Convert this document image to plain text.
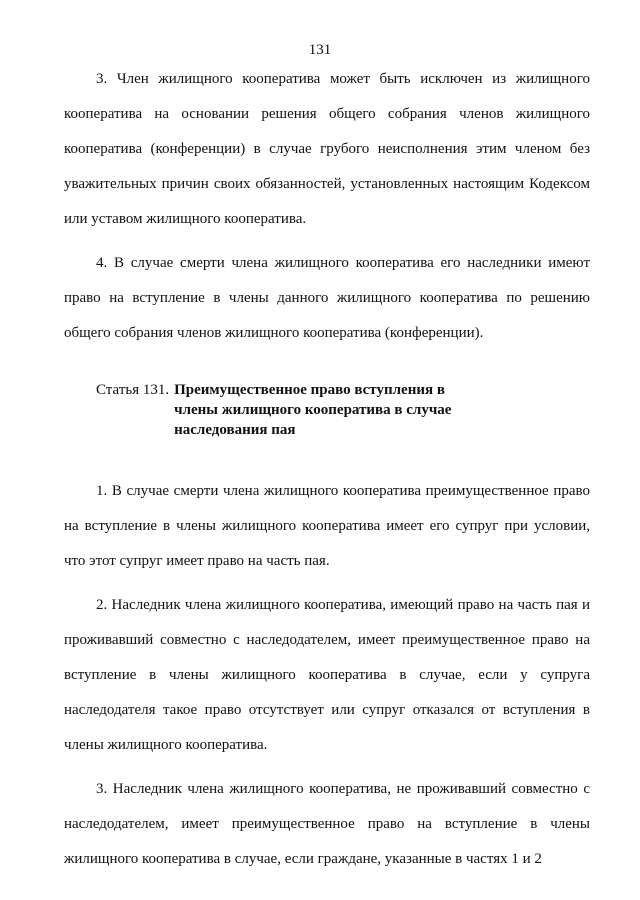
131

3. Член жилищного кооператива может быть исключен из жилищного кооператива на основании решения общего собрания членов жилищного кооператива (конференции) в случае грубого неисполнения этим членом без уважительных причин своих обязанностей, установленных настоящим Кодексом или уставом жилищного кооператива.

4. В случае смерти члена жилищного кооператива его наследники имеют право на вступление в члены данного жилищного кооператива по решению общего собрания членов жилищного кооператива (конференции).

Статья 131. Преимущественное право вступления в
члены жилищного кооператива в случае
наследования пая

1. В случае смерти члена жилищного кооператива преимущественное право на вступление в члены жилищного кооператива имеет его супруг при условии, что этот супруг имеет право на часть пая.

2. Наследник члена жилищного кооператива, имеющий право на часть пая и проживавший совместно с наследодателем, имеет преимущественное право на вступление в члены жилищного кооператива в случае, если у супруга наследодателя такое право отсутствует или супруг отказался от вступления в члены жилищного кооператива.

3. Наследник члена жилищного кооператива, не проживавший совместно с наследодателем, имеет преимущественное право на вступление в члены жилищного кооператива в случае, если граждане, указанные в частях 1 и 2
